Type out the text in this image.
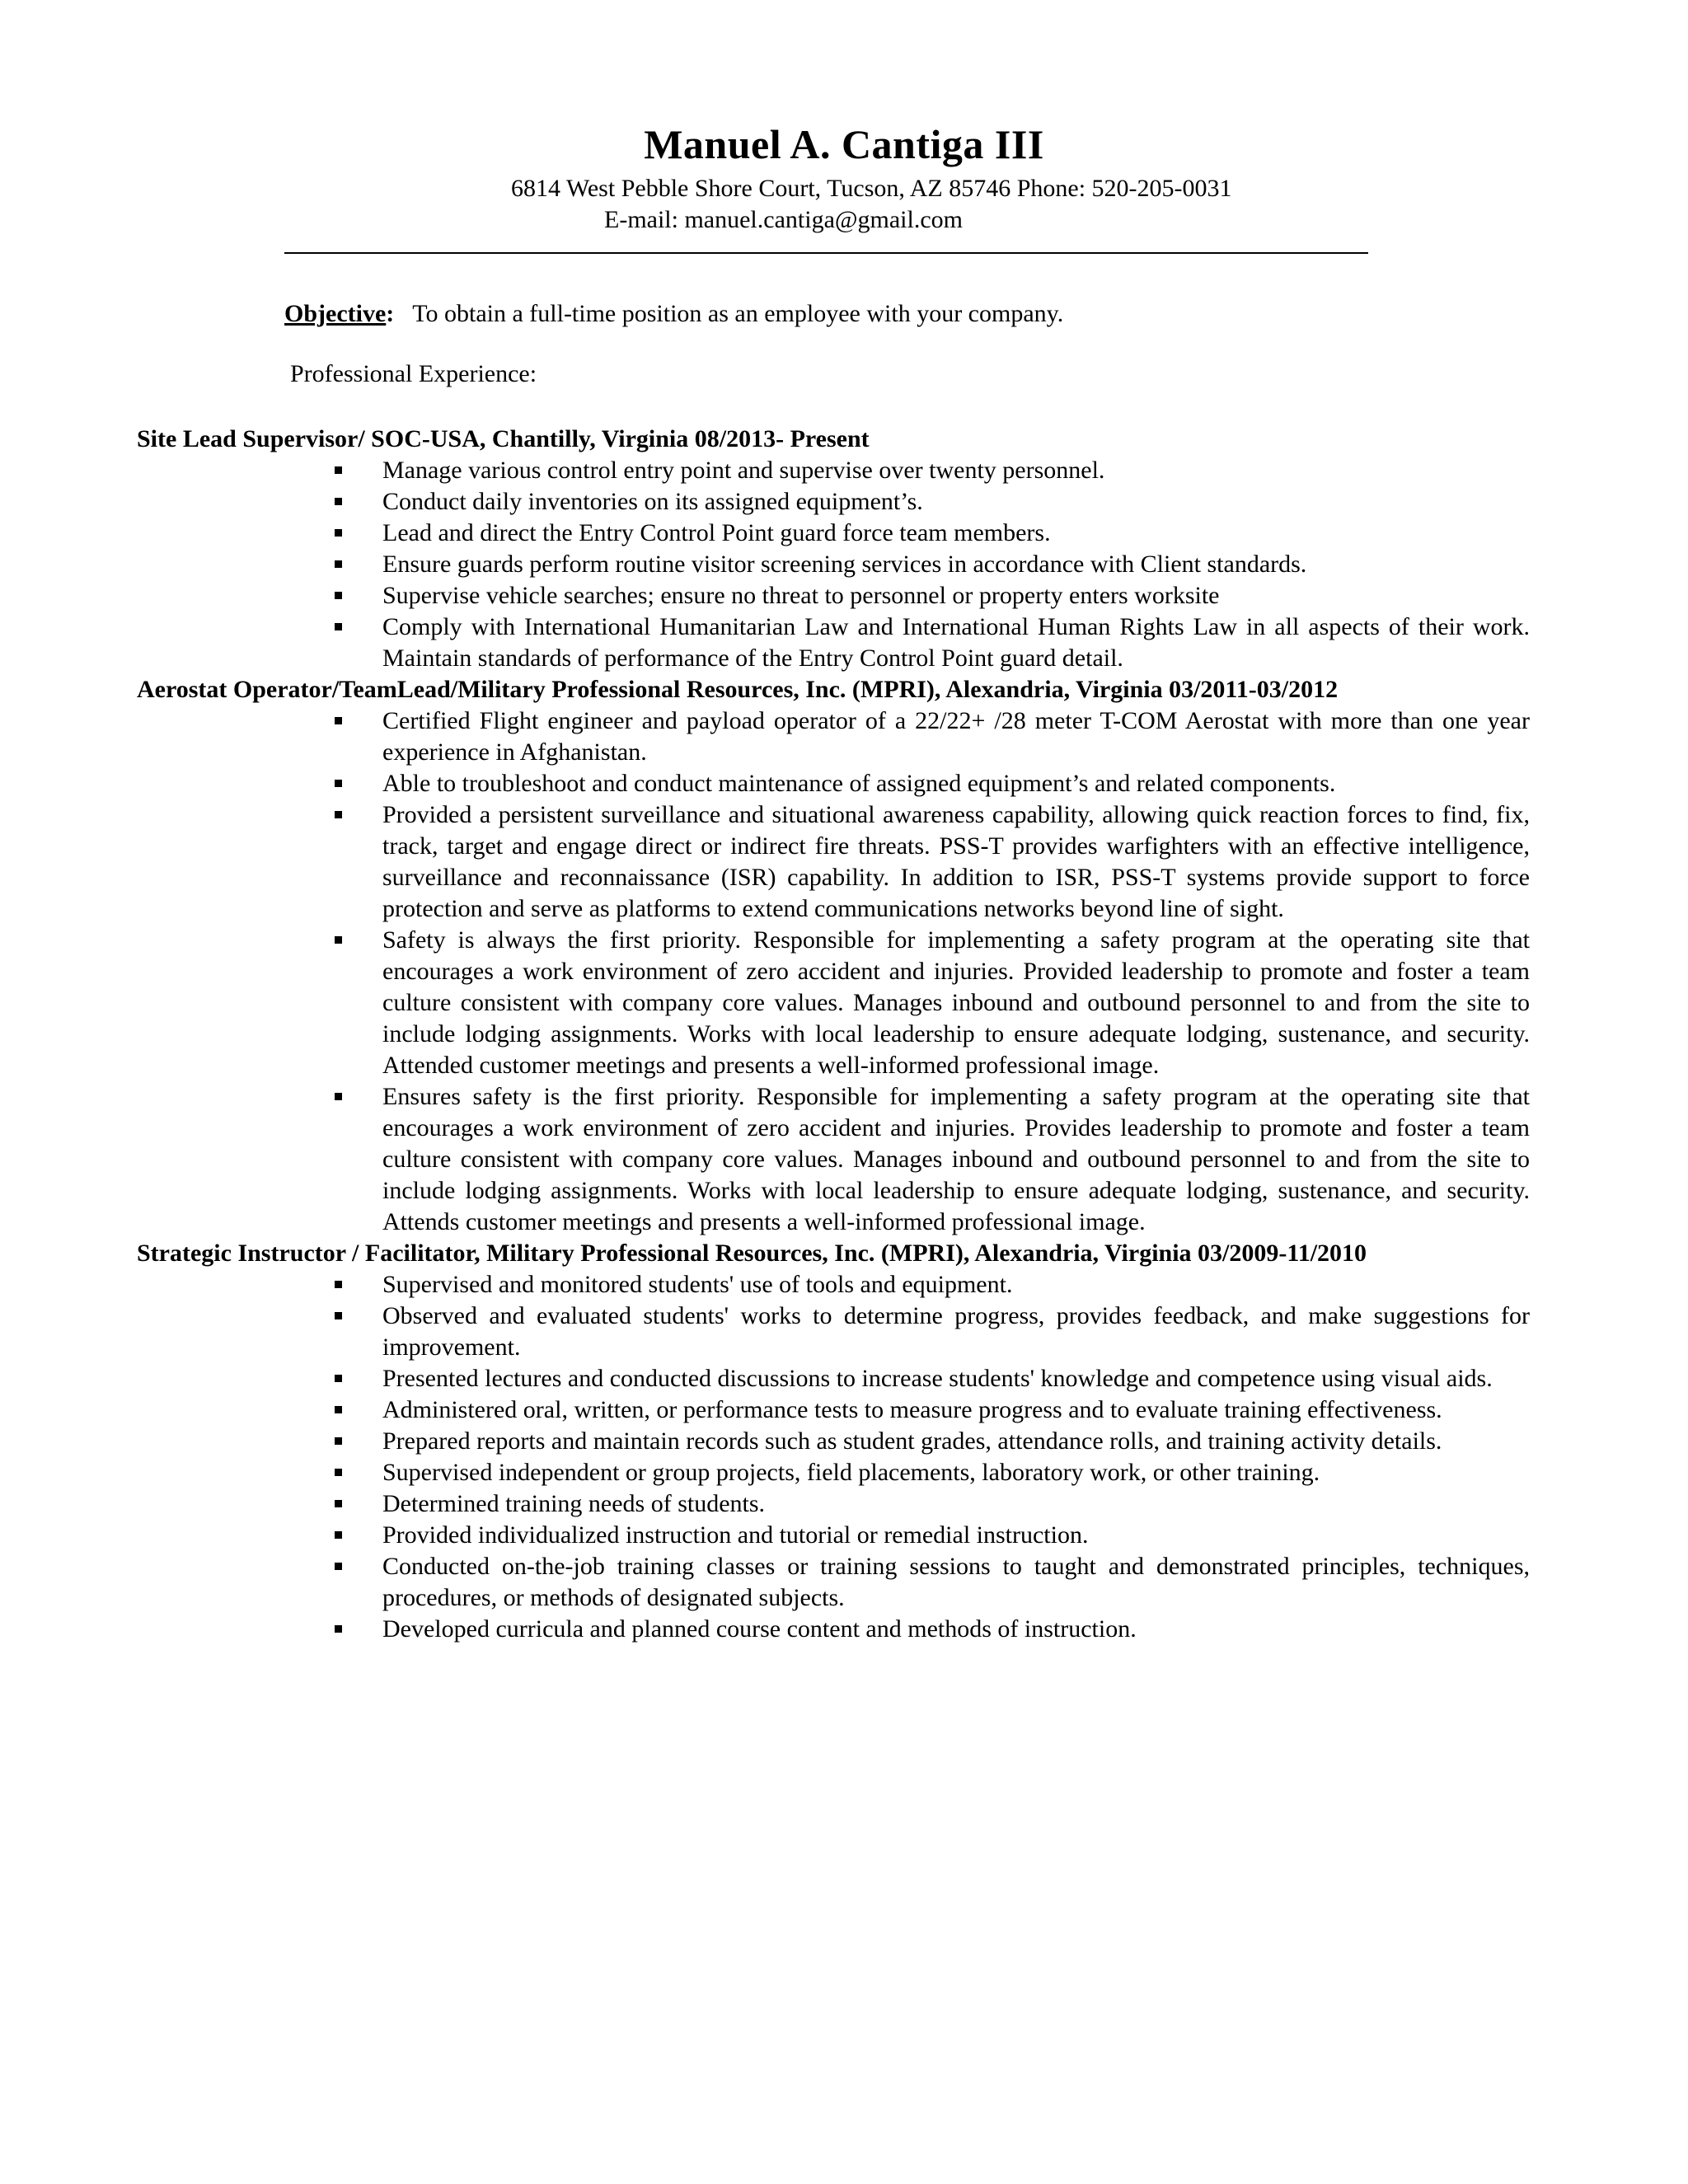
Manuel A. Cantiga III
6814 West Pebble Shore Court, Tucson, AZ 85746 Phone: 520-205-0031
E-mail: manuel.cantiga@gmail.com
Objective: To obtain a full-time position as an employee with your company.
Professional Experience:
Site Lead Supervisor/ SOC-USA, Chantilly, Virginia 08/2013- Present
Manage various control entry point and supervise over twenty personnel.
Conduct daily inventories on its assigned equipment’s.
Lead and direct the Entry Control Point guard force team members.
Ensure guards perform routine visitor screening services in accordance with Client standards.
Supervise vehicle searches; ensure no threat to personnel or property enters worksite
Comply with International Humanitarian Law and International Human Rights Law in all aspects of their work. Maintain standards of performance of the Entry Control Point guard detail.
Aerostat Operator/TeamLead/Military Professional Resources, Inc. (MPRI), Alexandria, Virginia 03/2011-03/2012
Certified Flight engineer and payload operator of a 22/22+ /28 meter T-COM Aerostat with more than one year experience in Afghanistan.
Able to troubleshoot and conduct maintenance of assigned equipment’s and related components.
Provided a persistent surveillance and situational awareness capability, allowing quick reaction forces to find, fix, track, target and engage direct or indirect fire threats. PSS-T provides warfighters with an effective intelligence, surveillance and reconnaissance (ISR) capability. In addition to ISR, PSS-T systems provide support to force protection and serve as platforms to extend communications networks beyond line of sight.
Safety is always the first priority. Responsible for implementing a safety program at the operating site that encourages a work environment of zero accident and injuries. Provided leadership to promote and foster a team culture consistent with company core values. Manages inbound and outbound personnel to and from the site to include lodging assignments. Works with local leadership to ensure adequate lodging, sustenance, and security. Attended customer meetings and presents a well-informed professional image.
Ensures safety is the first priority. Responsible for implementing a safety program at the operating site that encourages a work environment of zero accident and injuries. Provides leadership to promote and foster a team culture consistent with company core values. Manages inbound and outbound personnel to and from the site to include lodging assignments. Works with local leadership to ensure adequate lodging, sustenance, and security. Attends customer meetings and presents a well-informed professional image.
Strategic Instructor / Facilitator, Military Professional Resources, Inc. (MPRI), Alexandria, Virginia 03/2009-11/2010
Supervised and monitored students' use of tools and equipment.
Observed and evaluated students' works to determine progress, provides feedback, and make suggestions for improvement.
Presented lectures and conducted discussions to increase students' knowledge and competence using visual aids.
Administered oral, written, or performance tests to measure progress and to evaluate training effectiveness.
Prepared reports and maintain records such as student grades, attendance rolls, and training activity details.
Supervised independent or group projects, field placements, laboratory work, or other training.
Determined training needs of students.
Provided individualized instruction and tutorial or remedial instruction.
Conducted on-the-job training classes or training sessions to taught and demonstrated principles, techniques, procedures, or methods of designated subjects.
Developed curricula and planned course content and methods of instruction.
